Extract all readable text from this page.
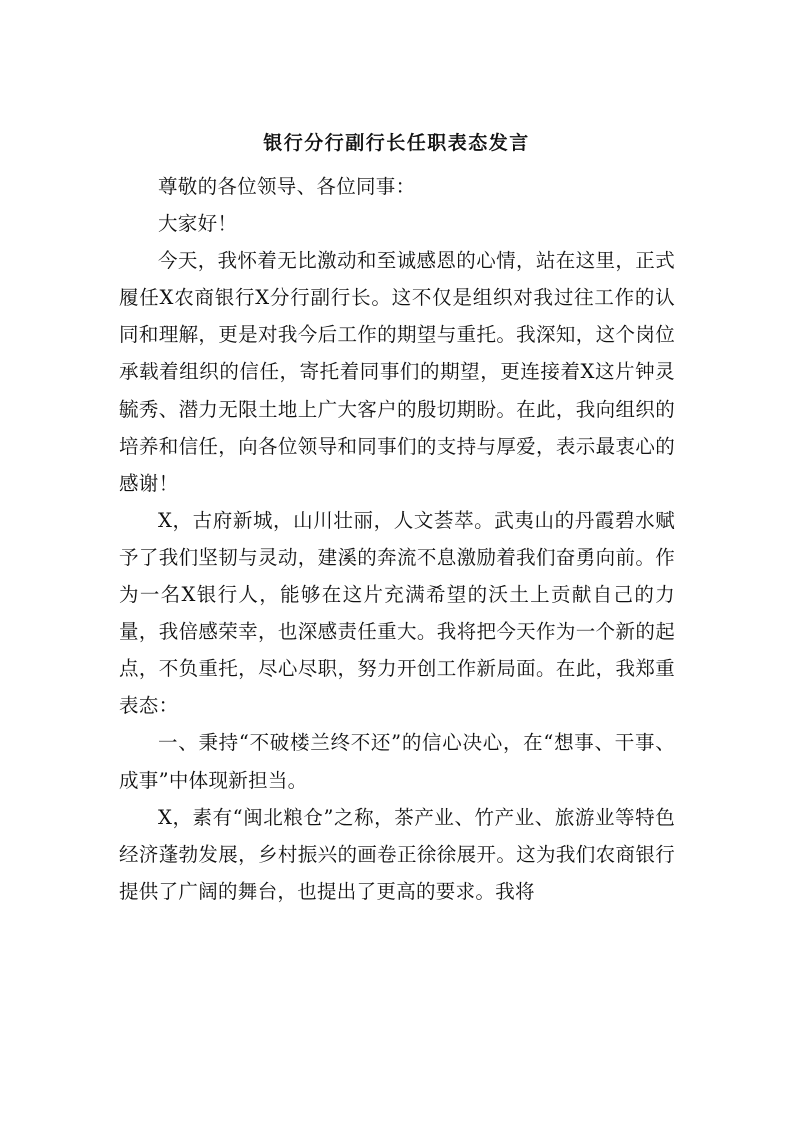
银行分行副行长任职表态发言

尊敬的各位领导、各位同事：

大家好！

今天，我怀着无比激动和至诚感恩的心情，站在这里，正式履任X农商银行X分行副行长。这不仅是组织对我过往工作的认同和理解，更是对我今后工作的期望与重托。我深知，这个岗位承载着组织的信任，寄托着同事们的期望，更连接着X这片钟灵毓秀、潜力无限土地上广大客户的殷切期盼。在此，我向组织的培养和信任，向各位领导和同事们的支持与厚爱，表示最衷心的感谢！

X，古府新城，山川壮丽，人文荟萃。武夷山的丹霞碧水赋予了我们坚韧与灵动，建溪的奔流不息激励着我们奋勇向前。作为一名X银行人，能够在这片充满希望的沃土上贡献自己的力量，我倍感荣幸，也深感责任重大。我将把今天作为一个新的起点，不负重托，尽心尽职，努力开创工作新局面。在此，我郑重表态：

一、秉持“不破楼兰终不还”的信心决心，在“想事、干事、成事”中体现新担当。

X，素有“闽北粮仓”之称，茶产业、竹产业、旅游业等特色经济蓬勃发展，乡村振兴的画卷正徐徐展开。这为我们农商银行提供了广阔的舞台，也提出了更高的要求。我将
